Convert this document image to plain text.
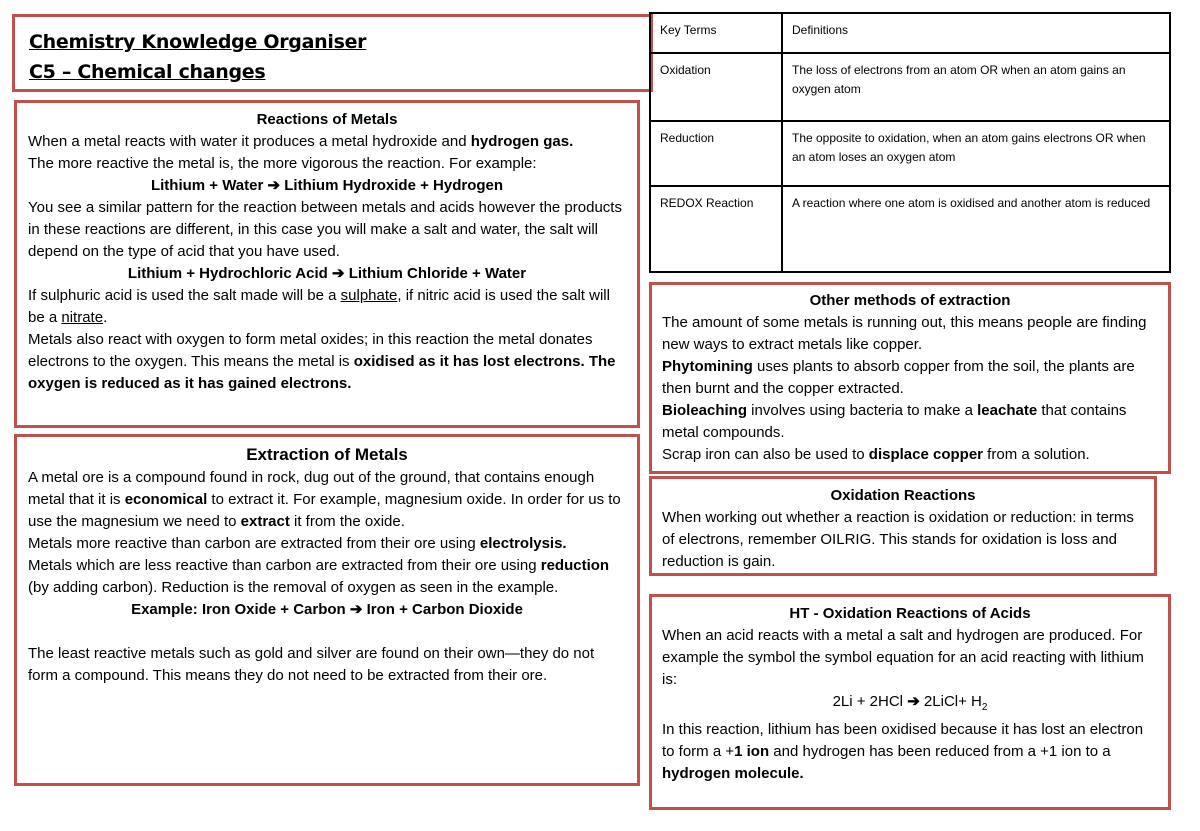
Chemistry Knowledge Organiser

C5 – Chemical changes

Reactions of Metals

When a metal reacts with water it produces a metal hydroxide and hydrogen gas.

The more reactive the metal is, the more vigorous the reaction. For example:

Lithium + Water ➔ Lithium Hydroxide + Hydrogen

You see a similar pattern for the reaction between metals and acids however the products in these reactions are different, in this case you will make a salt and water, the salt will depend on the type of acid that you have used.

Lithium + Hydrochloric Acid ➔ Lithium Chloride + Water

If sulphuric acid is used the salt made will be a sulphate, if nitric acid is used the salt will be a nitrate.

Metals also react with oxygen to form metal oxides; in this reaction the metal donates electrons to the oxygen. This means the metal is oxidised as it has lost electrons. The oxygen is reduced as it has gained electrons.

Extraction of Metals

A metal ore is a compound found in rock, dug out of the ground, that contains enough metal that it is economical to extract it. For example, magnesium oxide. In order for us to use the magnesium we need to extract it from the oxide.

Metals more reactive than carbon are extracted from their ore using electrolysis.

Metals which are less reactive than carbon are extracted from their ore using reduction (by adding carbon). Reduction is the removal of oxygen as seen in the example.

Example: Iron Oxide + Carbon ➔ Iron + Carbon Dioxide

The least reactive metals such as gold and silver are found on their own—they do not form a compound. This means they do not need to be extracted from their ore.

Key Terms	Definitions
Oxidation	The loss of electrons from an atom OR when an atom gains an oxygen atom
Reduction	The opposite to oxidation, when an atom gains electrons OR when an atom loses an oxygen atom
REDOX Reaction	A reaction where one atom is oxidised and another atom is reduced

Other methods of extraction

The amount of some metals is running out, this means people are finding new ways to extract metals like copper.

Phytomining uses plants to absorb copper from the soil, the plants are then burnt and the copper extracted.

Bioleaching involves using bacteria to make a leachate that contains metal compounds.

Scrap iron can also be used to displace copper from a solution.

Oxidation Reactions

When working out whether a reaction is oxidation or reduction: in terms of electrons, remember OILRIG. This stands for oxidation is loss and reduction is gain.

HT - Oxidation Reactions of Acids

When an acid reacts with a metal a salt and hydrogen are produced. For example the symbol the symbol equation for an acid reacting with lithium is:

2Li + 2HCl ➔ 2LiCl+ $H_2$

In this reaction, lithium has been oxidised because it has lost an electron to form a +1 ion and hydrogen has been reduced from a +1 ion to a hydrogen molecule.
